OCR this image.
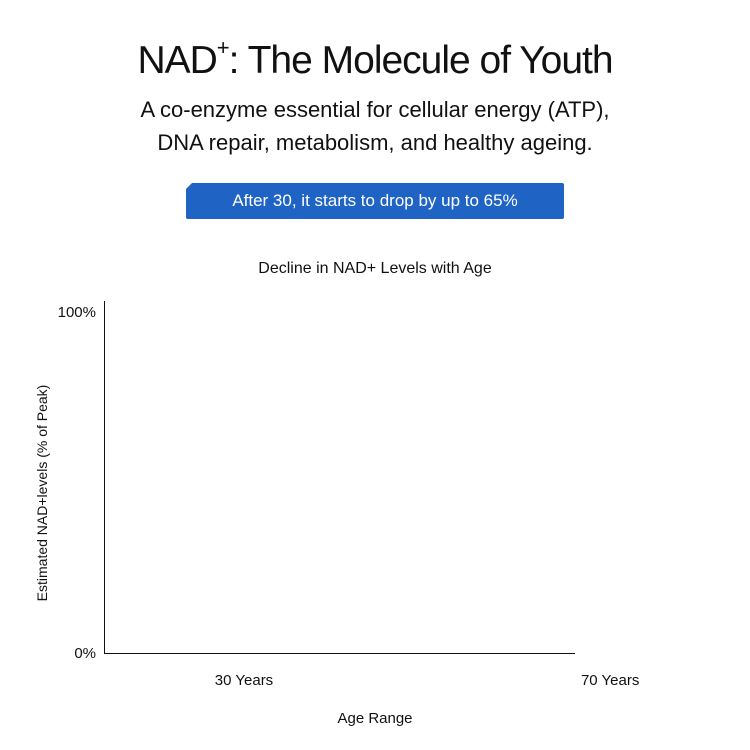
NAD+: The Molecule of Youth
A co-enzyme essential for cellular energy (ATP),
DNA repair, metabolism, and healthy ageing.
After 30, it starts to drop by up to 65%
Decline in NAD+ Levels with Age
100%
0%
30 Years	70 Years
Age Range
Estimated NAD+levels (% of Peak)
